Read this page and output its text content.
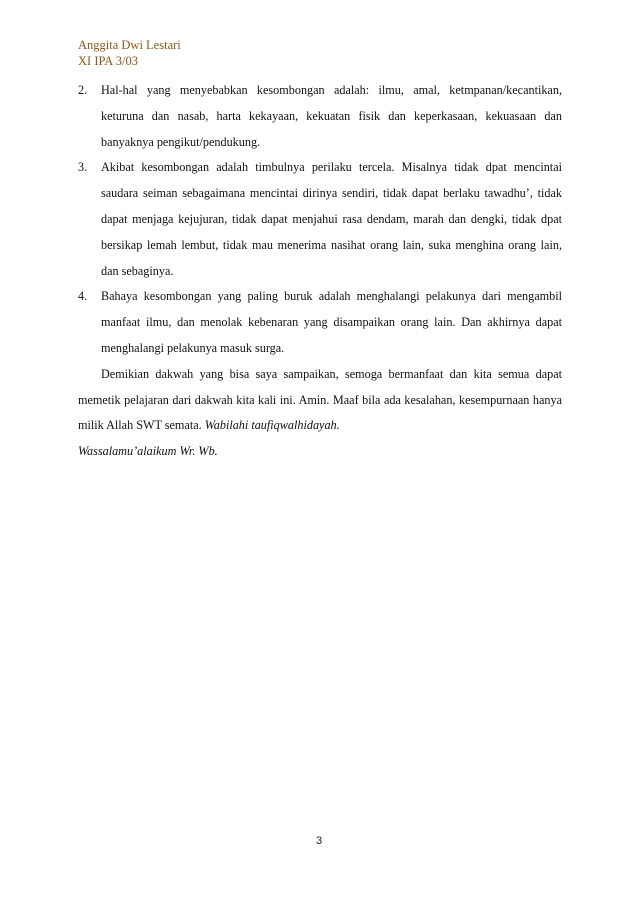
Anggita Dwi Lestari
XI IPA 3/03
2. Hal-hal yang menyebabkan kesombongan adalah: ilmu, amal, ketmpanan/kecantikan, keturuna dan nasab, harta kekayaan, kekuatan fisik dan keperkasaan, kekuasaan dan banyaknya pengikut/pendukung.
3. Akibat kesombongan adalah timbulnya perilaku tercela. Misalnya tidak dpat mencintai saudara seiman sebagaimana mencintai dirinya sendiri, tidak dapat berlaku tawadhu’, tidak dapat menjaga kejujuran, tidak dapat menjahui rasa dendam, marah dan dengki, tidak dpat bersikap lemah lembut, tidak mau menerima nasihat orang lain, suka menghina orang lain, dan sebaginya.
4. Bahaya kesombongan yang paling buruk adalah menghalangi pelakunya dari mengambil manfaat ilmu, dan menolak kebenaran yang disampaikan orang lain. Dan akhirnya dapat menghalangi pelakunya masuk surga.

Demikian dakwah yang bisa saya sampaikan, semoga bermanfaat dan kita semua dapat memetik pelajaran dari dakwah kita kali ini. Amin. Maaf bila ada kesalahan, kesempurnaan hanya milik Allah SWT semata. Wabilahi taufiqwalhidayah.

Wassalamu’alaikum Wr. Wb.

3
